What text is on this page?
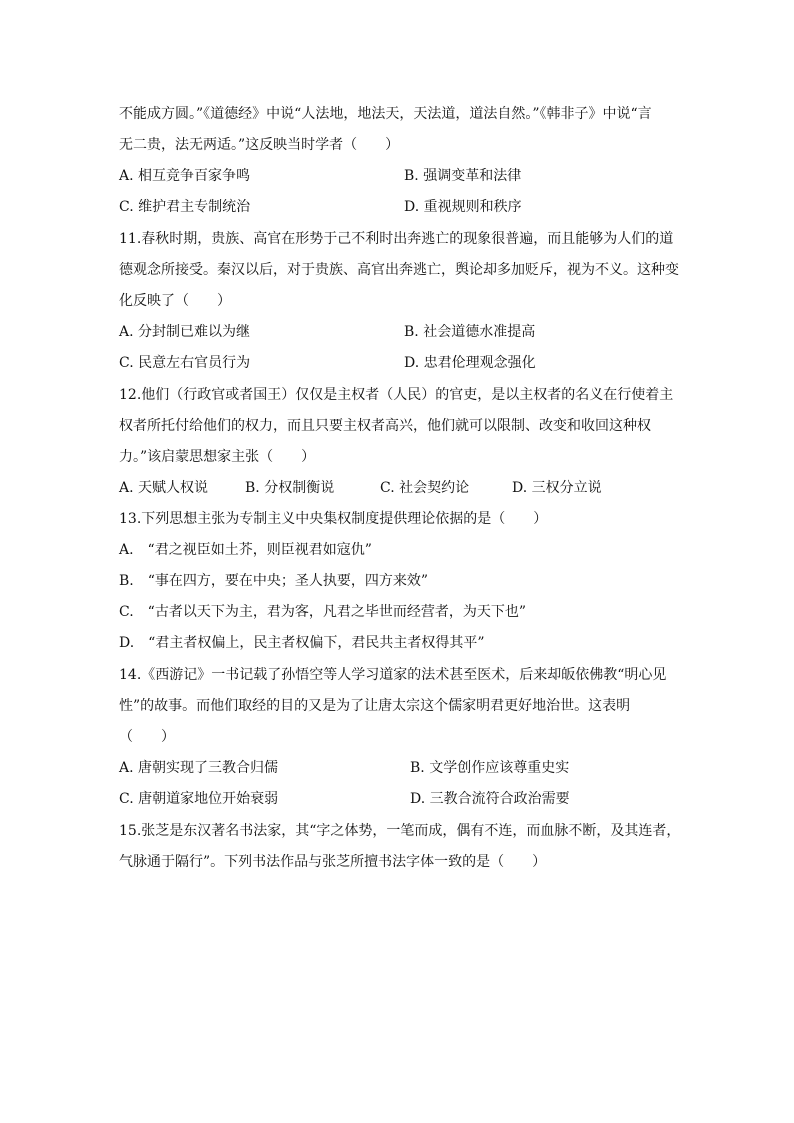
不能成方圆。”《道德经》中说“人法地，地法天，天法道，道法自然。”《韩非子》中说“言
无二贵，法无两适。”这反映当时学者（　　）
A. 相互竞争百家争鸣	B. 强调变革和法律
C. 维护君主专制统治	D. 重视规则和秩序
11.春秋时期，贵族、高官在形势于己不利时出奔逃亡的现象很普遍，而且能够为人们的道
德观念所接受。秦汉以后，对于贵族、高官出奔逃亡，舆论却多加贬斥，视为不义。这种变
化反映了（　　）
A. 分封制已难以为继	B. 社会道德水准提高
C. 民意左右官员行为	D. 忠君伦理观念强化
12.他们（行政官或者国王）仅仅是主权者（人民）的官吏，是以主权者的名义在行使着主
权者所托付给他们的权力，而且只要主权者高兴，他们就可以限制、改变和收回这种权
力。”该启蒙思想家主张（　　）
A. 天赋人权说	B. 分权制衡说	C. 社会契约论	D. 三权分立说
13.下列思想主张为专制主义中央集权制度提供理论依据的是（　　）
A.　“君之视臣如土芥，则臣视君如寇仇”
B.　“事在四方，要在中央；圣人执要，四方来效”
C.　“古者以天下为主，君为客，凡君之毕世而经营者，为天下也”
D.　“君主者权偏上，民主者权偏下，君民共主者权得其平”
14.《西游记》一书记载了孙悟空等人学习道家的法术甚至医术，后来却皈依佛教“明心见
性”的故事。而他们取经的目的又是为了让唐太宗这个儒家明君更好地治世。这表明
（　　）
A. 唐朝实现了三教合归儒	B. 文学创作应该尊重史实
C. 唐朝道家地位开始衰弱	D. 三教合流符合政治需要
15.张芝是东汉著名书法家，其“字之体势，一笔而成，偶有不连，而血脉不断，及其连者，
气脉通于隔行”。下列书法作品与张芝所擅书法字体一致的是（　　）
